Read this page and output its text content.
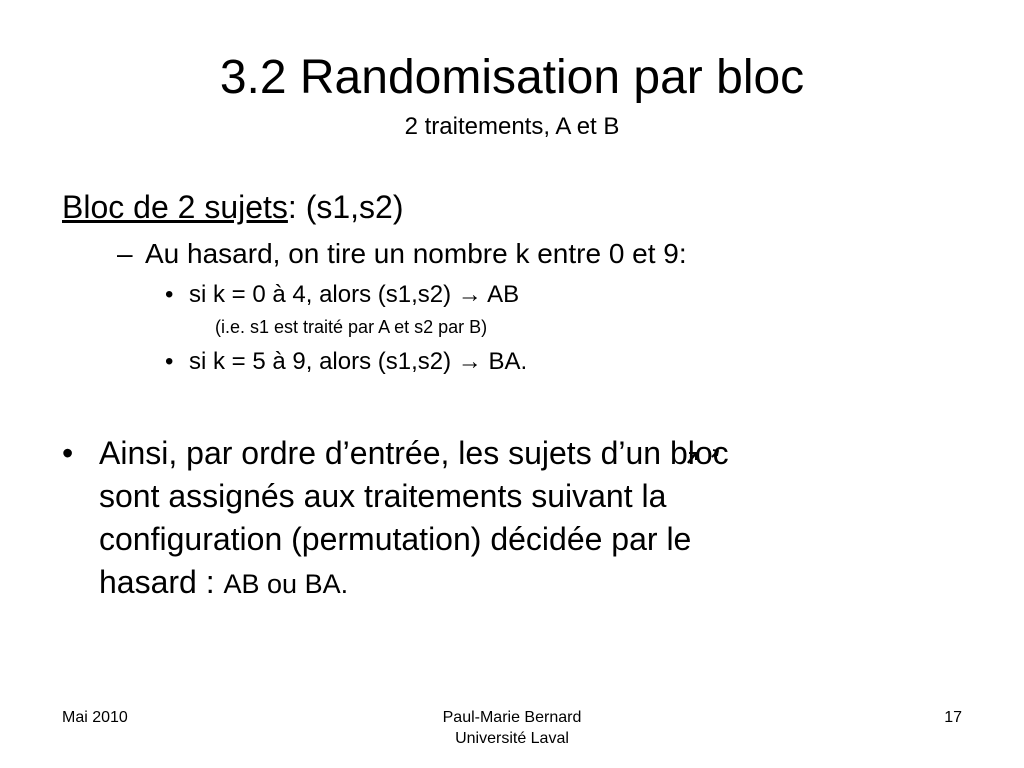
3.2 Randomisation par bloc
2 traitements, A et B
Bloc de 2 sujets: (s1,s2)
– Au hasard, on tire un nombre k entre 0 et 9:
• si k = 0 à 4, alors (s1,s2) → AB
(i.e. s1 est traité par A et s2 par B)
• si k = 5 à 9, alors (s1,s2) → BA.
• Ainsi, par ordre d’entrée, les sujets d’un bloc
sont assignés aux traitements suivant la
configuration (permutation) décidée par le
hasard : AB ou BA.
Mai 2010	Paul-Marie Bernard
Université Laval
17
